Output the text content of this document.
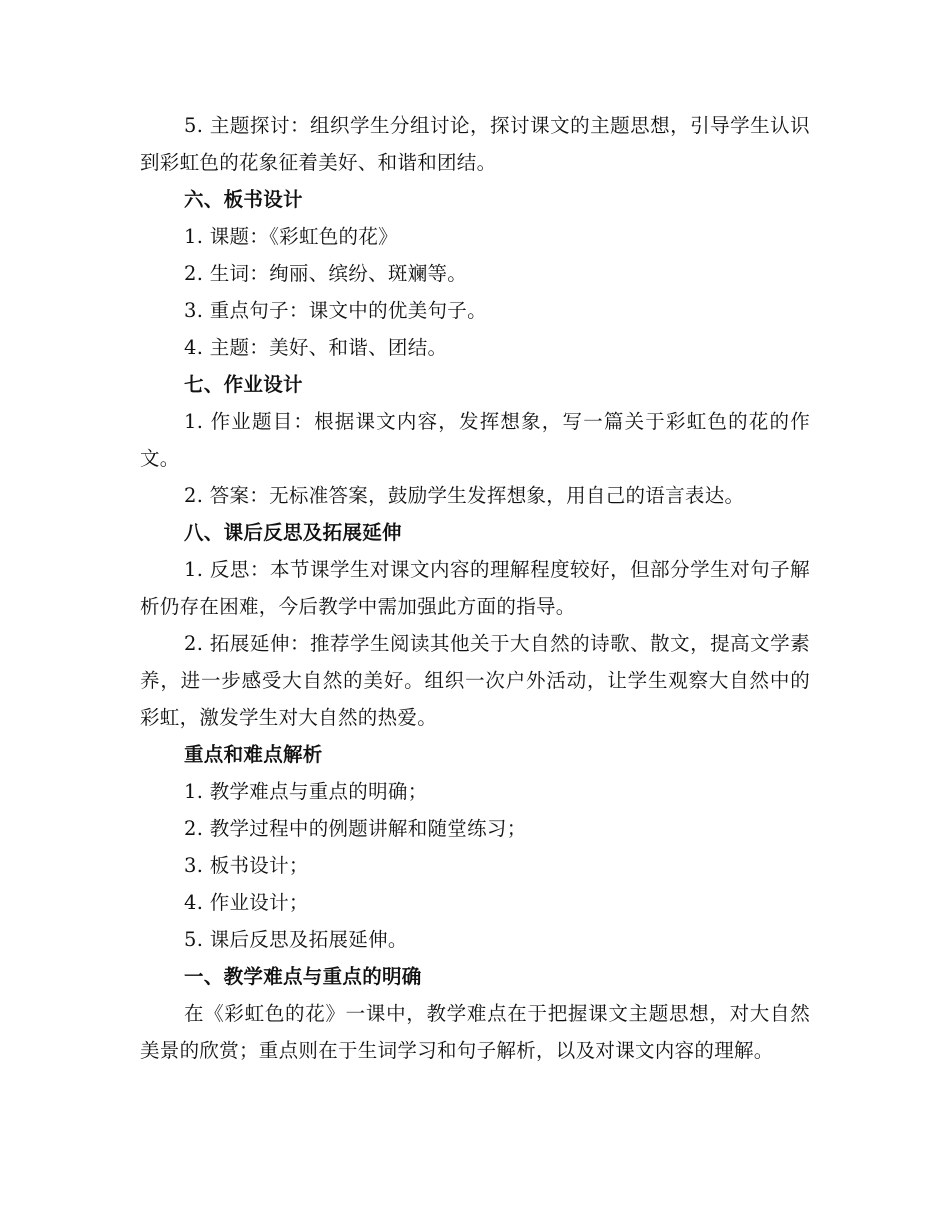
5. 主题探讨：组织学生分组讨论，探讨课文的主题思想，引导学生认识到彩虹色的花象征着美好、和谐和团结。

六、板书设计

1. 课题：《彩虹色的花》

2. 生词：绚丽、缤纷、斑斓等。

3. 重点句子：课文中的优美句子。

4. 主题：美好、和谐、团结。

七、作业设计

1. 作业题目：根据课文内容，发挥想象，写一篇关于彩虹色的花的作文。

2. 答案：无标准答案，鼓励学生发挥想象，用自己的语言表达。

八、课后反思及拓展延伸

1. 反思：本节课学生对课文内容的理解程度较好，但部分学生对句子解析仍存在困难，今后教学中需加强此方面的指导。

2. 拓展延伸：推荐学生阅读其他关于大自然的诗歌、散文，提高文学素养，进一步感受大自然的美好。组织一次户外活动，让学生观察大自然中的彩虹，激发学生对大自然的热爱。

重点和难点解析

1. 教学难点与重点的明确；

2. 教学过程中的例题讲解和随堂练习；

3. 板书设计；

4. 作业设计；

5. 课后反思及拓展延伸。

一、教学难点与重点的明确

在《彩虹色的花》一课中，教学难点在于把握课文主题思想，对大自然美景的欣赏；重点则在于生词学习和句子解析，以及对课文内容的理解。
